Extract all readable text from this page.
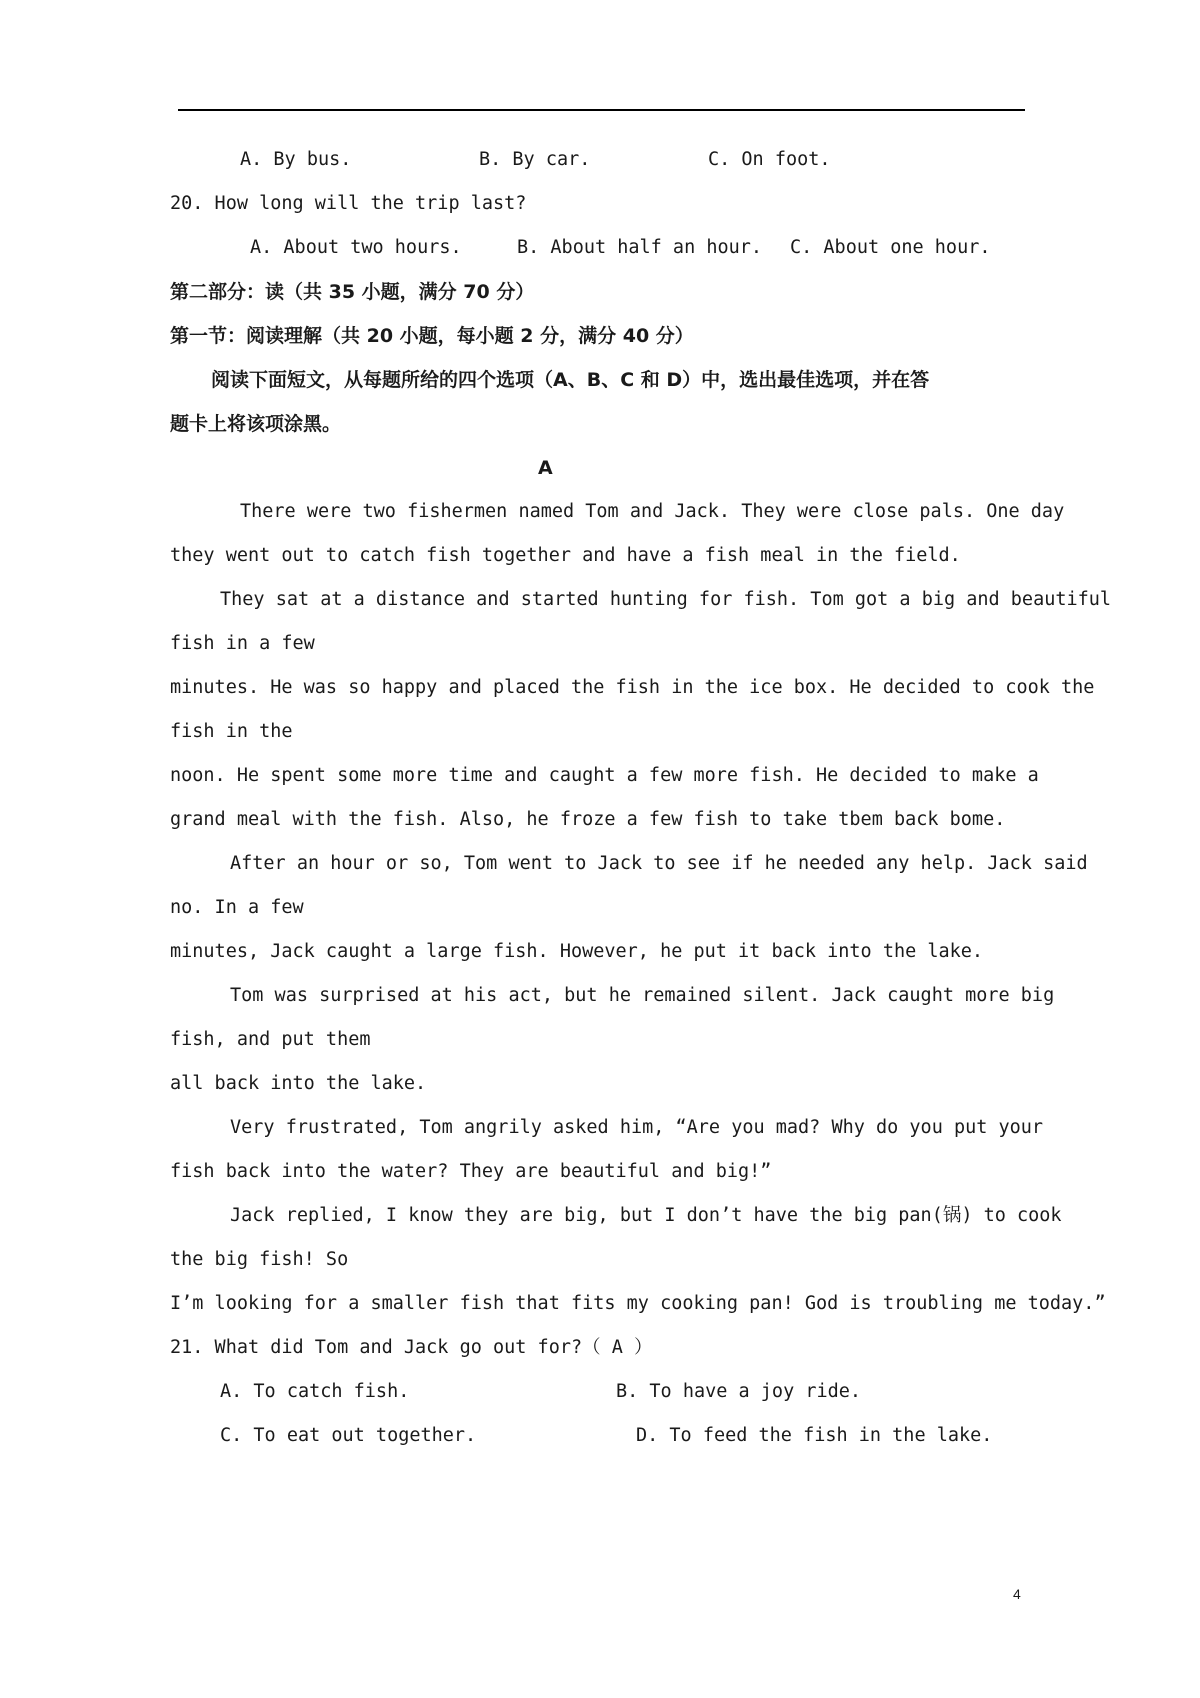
A. By bus.	B. By car.	C. On foot.
20. How long will the trip last?
A. About two hours.	B. About half an hour. C. About one hour.
第二部分：读（共 35 小题，满分 70 分）
第一节：阅读理解（共 20 小题，每小题 2 分，满分 40 分）
阅读下面短文，从每题所给的四个选项（A、B、C 和 D）中，选出最佳选项，并在答
题卡上将该项涂黑。
A
There were two fishermen named Tom and Jack. They were close pals. One day
they went out to catch fish together and have a fish meal in the field.
They sat at a distance and started hunting for fish. Tom got a big and beautiful
fish in a few
minutes. He was so happy and placed the fish in the ice box. He decided to cook the
fish in the
noon. He spent some more time and caught a few more fish. He decided to make a
grand meal with the fish. Also, he froze a few fish to take tbem back bome.
After an hour or so, Tom went to Jack to see if he needed any help. Jack said
no. In a few
minutes, Jack caught a large fish. However, he put it back into the lake.
Tom was surprised at his act, but he remained silent. Jack caught more big
fish, and put them
all back into the lake.
Very frustrated, Tom angrily asked him, “Are you mad? Why do you put your
fish back into the water? They are beautiful and big!”
Jack replied, I know they are big, but I don’t have the big pan(锅) to cook
the big fish! So
I’m looking for a smaller fish that fits my cooking pan! God is troubling me today.”
21. What did Tom and Jack go out for?（ A ）
A. To catch fish.	B. To have a joy ride.
C. To eat out together.	D. To feed the fish in the lake.
4
